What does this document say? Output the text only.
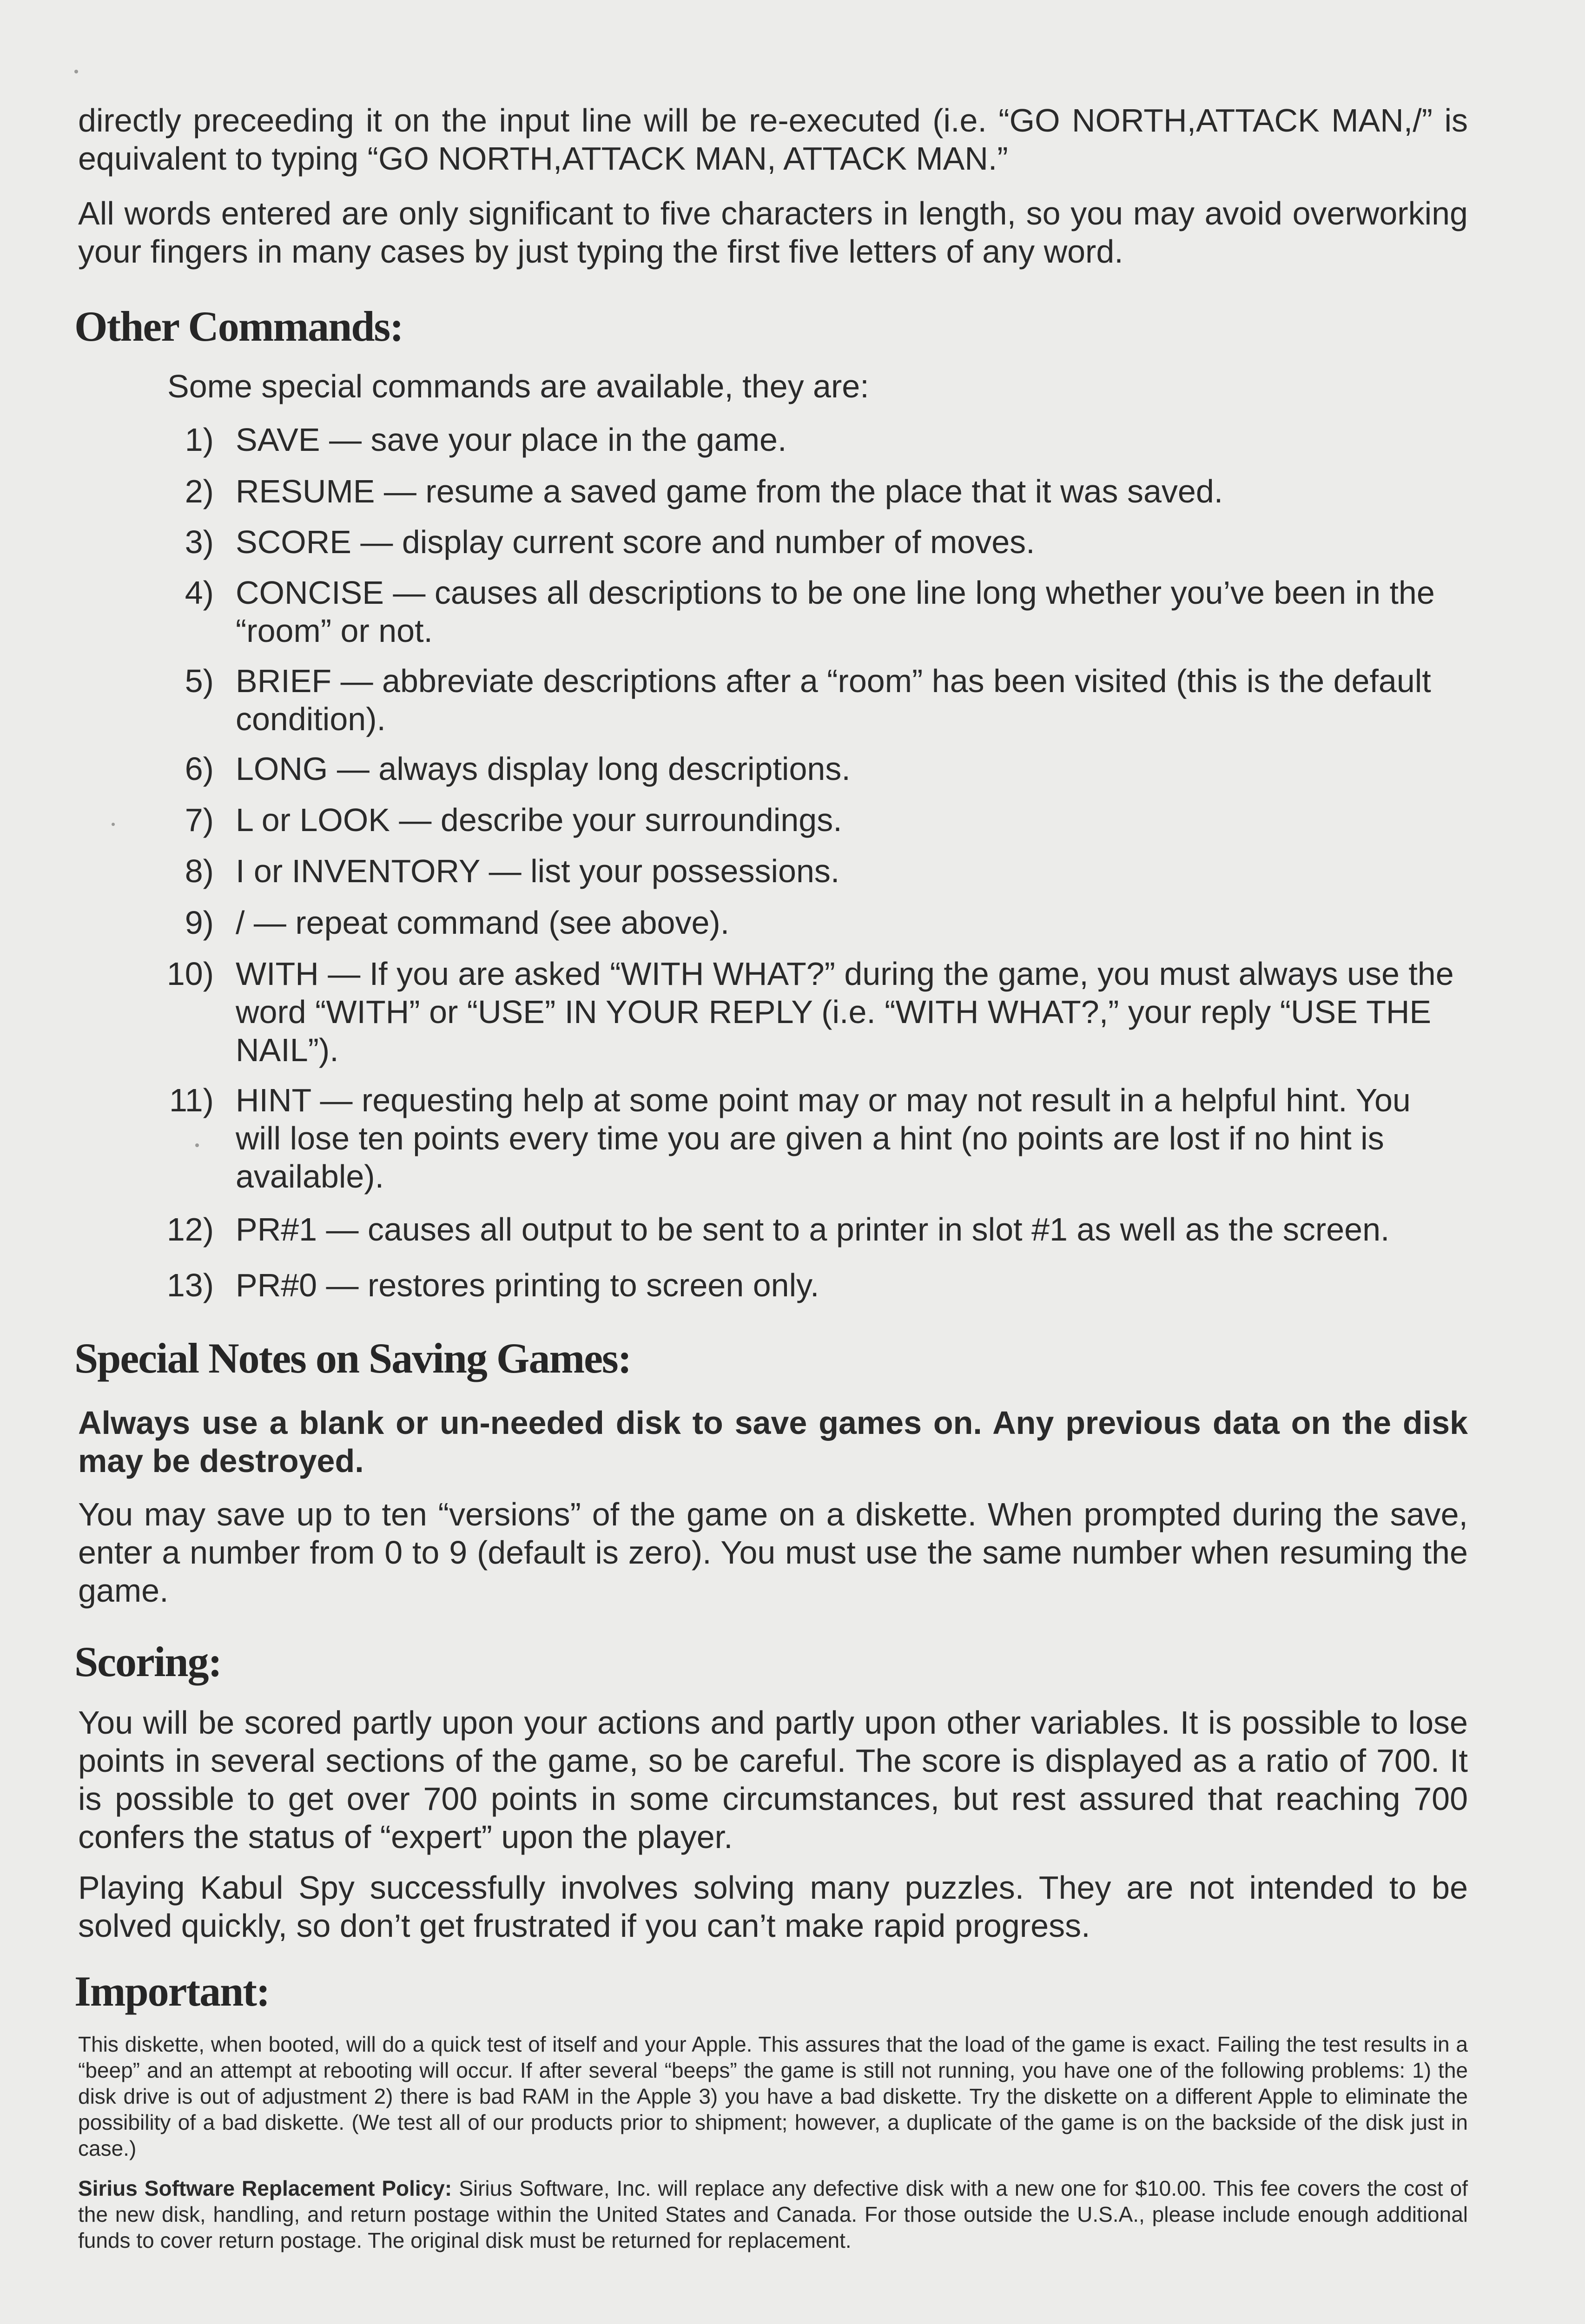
directly preceeding it on the input line will be re-executed (i.e. “GO NORTH,ATTACK MAN,/” is equivalent to typing “GO NORTH,ATTACK MAN, ATTACK MAN.”

All words entered are only significant to five characters in length, so you may avoid overworking your fingers in many cases by just typing the first five letters of any word.

Other Commands:

Some special commands are available, they are:

1) SAVE — save your place in the game.
2) RESUME — resume a saved game from the place that it was saved.
3) SCORE — display current score and number of moves.
4) CONCISE — causes all descriptions to be one line long whether you’ve been in the “room” or not.
5) BRIEF — abbreviate descriptions after a “room” has been visited (this is the default condition).
6) LONG — always display long descriptions.
7) L or LOOK — describe your surroundings.
8) I or INVENTORY — list your possessions.
9) / — repeat command (see above).
10) WITH — If you are asked “WITH WHAT?” during the game, you must always use the word “WITH” or “USE” IN YOUR REPLY (i.e. “WITH WHAT?,” your reply “USE THE NAIL”).
11) HINT — requesting help at some point may or may not result in a helpful hint. You will lose ten points every time you are given a hint (no points are lost if no hint is available).
12) PR#1 — causes all output to be sent to a printer in slot #1 as well as the screen.
13) PR#0 — restores printing to screen only.
Special Notes on Saving Games:

Always use a blank or un-needed disk to save games on. Any previous data on the disk may be destroyed.

You may save up to ten “versions” of the game on a diskette. When prompted during the save, enter a number from 0 to 9 (default is zero). You must use the same number when resuming the game.

Scoring:

You will be scored partly upon your actions and partly upon other variables. It is possible to lose points in several sections of the game, so be careful. The score is displayed as a ratio of 700. It is possible to get over 700 points in some circumstances, but rest assured that reaching 700 confers the status of “expert” upon the player.

Playing Kabul Spy successfully involves solving many puzzles. They are not intended to be solved quickly, so don’t get frustrated if you can’t make rapid progress.

Important:

This diskette, when booted, will do a quick test of itself and your Apple. This assures that the load of the game is exact. Failing the test results in a “beep” and an attempt at rebooting will occur. If after several “beeps” the game is still not running, you have one of the following problems: 1) the disk drive is out of adjustment 2) there is bad RAM in the Apple 3) you have a bad diskette. Try the diskette on a different Apple to eliminate the possibility of a bad diskette. (We test all of our products prior to shipment; however, a duplicate of the game is on the backside of the disk just in case.)

Sirius Software Replacement Policy: Sirius Software, Inc. will replace any defective disk with a new one for $10.00. This fee covers the cost of the new disk, handling, and return postage within the United States and Canada. For those outside the U.S.A., please include enough additional funds to cover return postage. The original disk must be returned for replacement.
